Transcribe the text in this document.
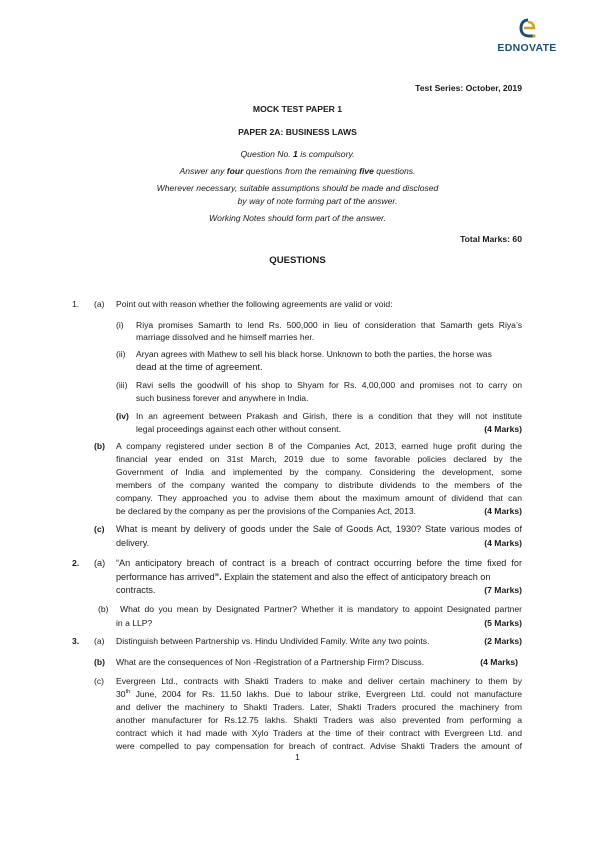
EDNOVATE
Test Series: October, 2019
MOCK TEST PAPER 1
PAPER 2A: BUSINESS LAWS
Question No. 1 is compulsory.
Answer any four questions from the remaining five questions.
Wherever necessary, suitable assumptions should be made and disclosed
by way of note forming part of the answer.
Working Notes should form part of the answer.
Total Marks: 60
QUESTIONS
1. (a) Point out with reason whether the following agreements are valid or void:
(i) Riya promises Samarth to lend Rs. 500,000 in lieu of consideration that Samarth gets Riya’s
marriage dissolved and he himself marries her.
(ii) Aryan agrees with Mathew to sell his black horse. Unknown to both the parties, the horse was
dead at the time of agreement.
(iii) Ravi sells the goodwill of his shop to Shyam for Rs. 4,00,000 and promises not to carry on
such business forever and anywhere in India.
(iv) In an agreement between Prakash and Girish, there is a condition that they will not institute
legal proceedings against each other without consent.	(4 Marks)
(b) A company registered under section 8 of the Companies Act, 2013, earned huge profit during the
financial year ended on 31st March, 2019 due to some favorable policies declared by the
Government of India and implemented by the company. Considering the development, some
members of the company wanted the company to distribute dividends to the members of the
company. They approached you to advise them about the maximum amount of dividend that can
be declared by the company as per the provisions of the Companies Act, 2013.	(4 Marks)
(c) What is meant by delivery of goods under the Sale of Goods Act, 1930? State various modes of
delivery.	(4 Marks)
2. (a) “An anticipatory breach of contract is a breach of contract occurring before the time fixed for
performance has arrived”. Explain the statement and also the effect of anticipatory breach on
contracts.	(7 Marks)
(b) What do you mean by Designated Partner? Whether it is mandatory to appoint Designated partner
in a LLP?	(5 Marks)
3. (a) Distinguish between Partnership vs. Hindu Undivided Family. Write any two points.	(2 Marks)
(b) What are the consequences of Non -Registration of a Partnership Firm? Discuss.	(4 Marks)
(c) Evergreen Ltd., contracts with Shakti Traders to make and deliver certain machinery to them by
30th June, 2004 for Rs. 11.50 lakhs. Due to labour strike, Evergreen Ltd. could not manufacture
and deliver the machinery to Shakti Traders. Later, Shakti Traders procured the machinery from
another manufacturer for Rs.12.75 lakhs. Shakti Traders was also prevented from performing a
contract which it had made with Xylo Traders at the time of their contract with Evergreen Ltd. and
were compelled to pay compensation for breach of contract. Advise Shakti Traders the amount of
1
